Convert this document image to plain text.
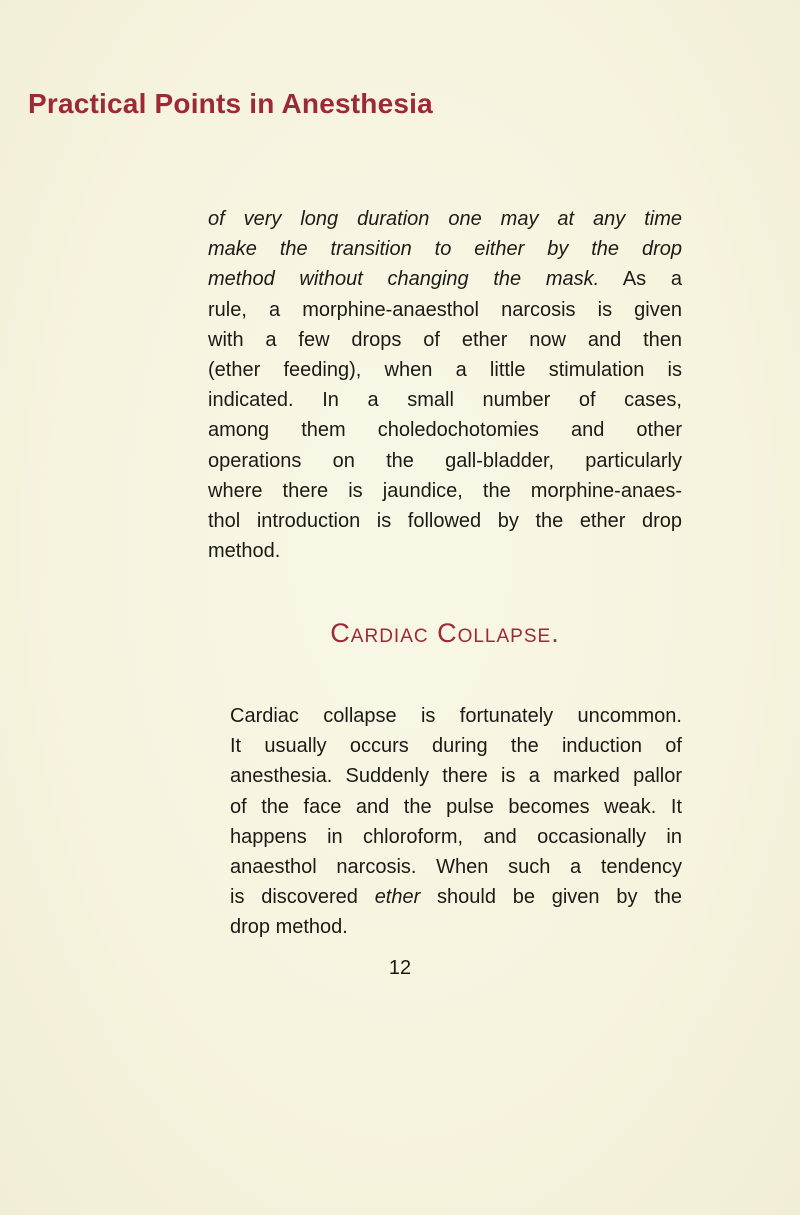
Practical Points in Anesthesia

of very long duration one may at any time
make the transition to either by the drop
method without changing the mask. As a
rule, a morphine-anaesthol narcosis is given
with a few drops of ether now and then
(ether feeding), when a little stimulation is
indicated. In a small number of cases,
among them choledochotomies and other
operations on the gall-bladder, particularly
where there is jaundice, the morphine-anaes-
thol introduction is followed by the ether drop
method.

Cardiac Collapse.

Cardiac collapse is fortunately uncommon.
It usually occurs during the induction of
anesthesia. Suddenly there is a marked pallor
of the face and the pulse becomes weak. It
happens in chloroform, and occasionally in
anaesthol narcosis. When such a tendency
is discovered ether should be given by the
drop method.

12
